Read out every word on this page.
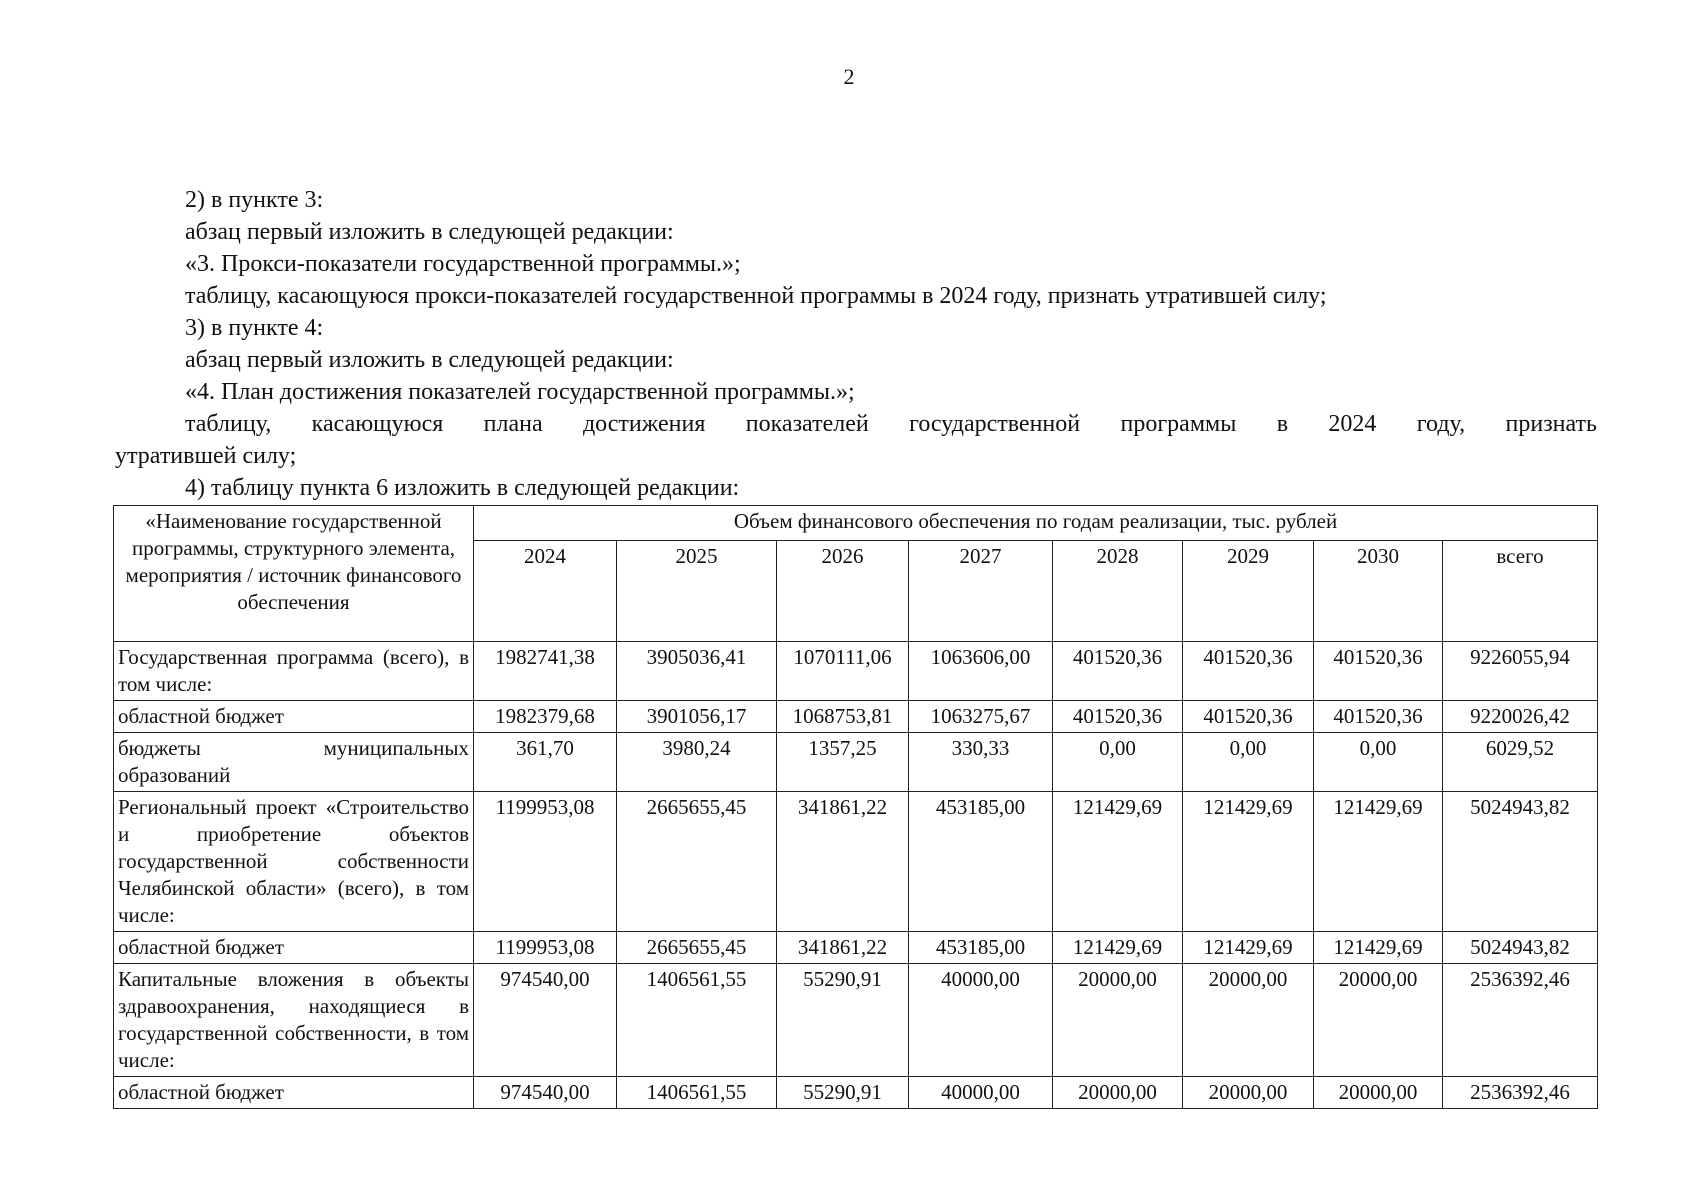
2
2) в пункте 3:
абзац первый изложить в следующей редакции:
«3. Прокси-показатели государственной программы.»;
таблицу, касающуюся прокси-показателей государственной программы в 2024 году, признать утратившей силу;
3) в пункте 4:
абзац первый изложить в следующей редакции:
«4. План достижения показателей государственной программы.»;
таблицу, касающуюся плана достижения показателей государственной программы в 2024 году, признать
утратившей силу;
4) таблицу пункта 6 изложить в следующей редакции:
«Наименование государственной программы, структурного элемента, мероприятия / источник финансового обеспечения	Объем финансового обеспечения по годам реализации, тыс. рублей							
	2024	2025	2026	2027	2028	2029	2030	всего
Государственная программа (всего), в том числе:	1982741,38	3905036,41	1070111,06	1063606,00	401520,36	401520,36	401520,36	9226055,94
областной бюджет	1982379,68	3901056,17	1068753,81	1063275,67	401520,36	401520,36	401520,36	9220026,42
бюджеты муниципальных образований	361,70	3980,24	1357,25	330,33	0,00	0,00	0,00	6029,52
Региональный проект «Строительство и приобретение объектов государственной собственности Челябинской области» (всего), в том числе:	1199953,08	2665655,45	341861,22	453185,00	121429,69	121429,69	121429,69	5024943,82
областной бюджет	1199953,08	2665655,45	341861,22	453185,00	121429,69	121429,69	121429,69	5024943,82
Капитальные вложения в объекты здравоохранения, находящиеся в государственной собственности, в том числе:	974540,00	1406561,55	55290,91	40000,00	20000,00	20000,00	20000,00	2536392,46
областной бюджет	974540,00	1406561,55	55290,91	40000,00	20000,00	20000,00	20000,00	2536392,46
